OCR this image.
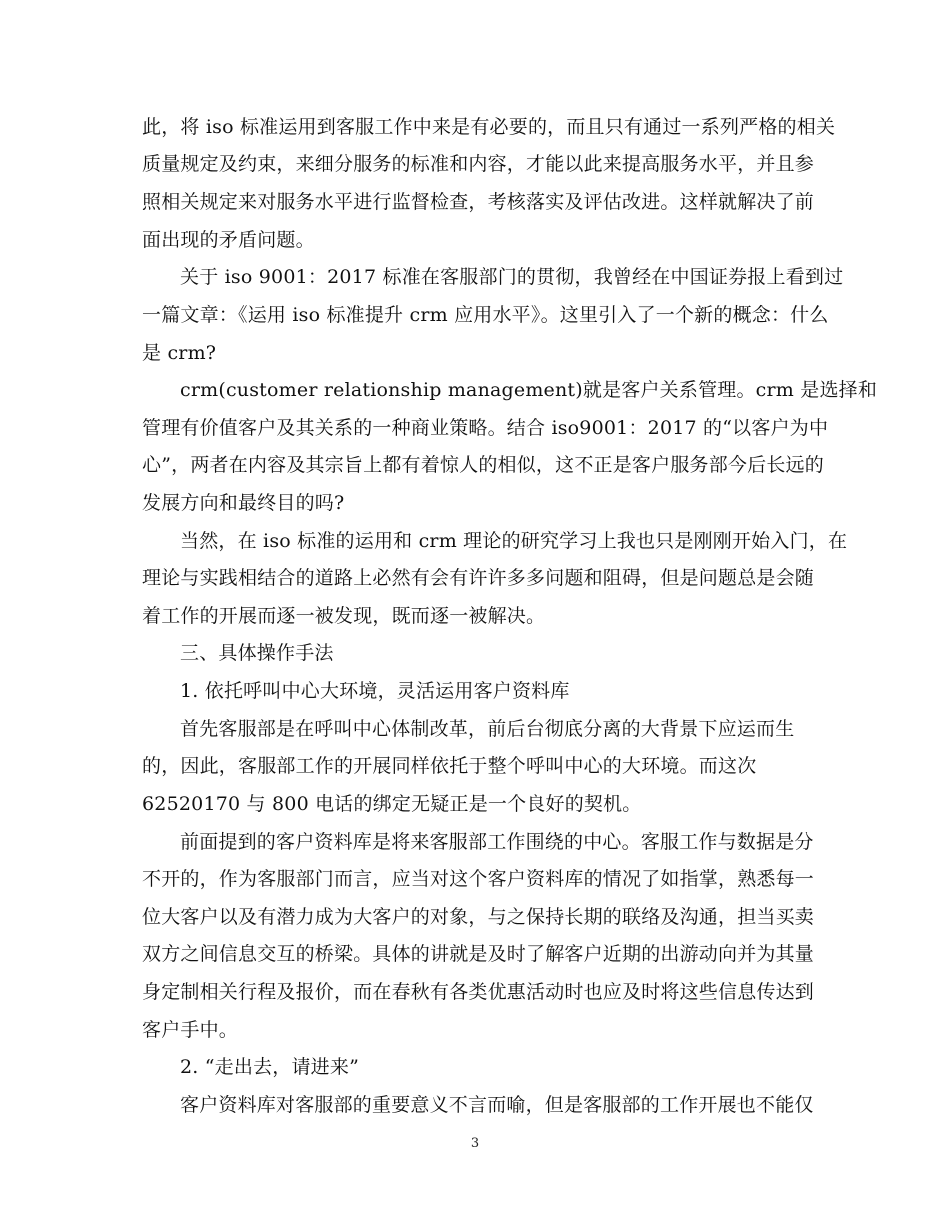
此，将 iso 标准运用到客服工作中来是有必要的，而且只有通过一系列严格的相关
质量规定及约束，来细分服务的标准和内容，才能以此来提高服务水平，并且参
照相关规定来对服务水平进行监督检查，考核落实及评估改进。这样就解决了前
面出现的矛盾问题。
关于 iso 9001：2017 标准在客服部门的贯彻，我曾经在中国证券报上看到过
一篇文章：《运用 iso 标准提升 crm 应用水平》。这里引入了一个新的概念：什么
是 crm?
crm(customer relationship management)就是客户关系管理。crm 是选择和
管理有价值客户及其关系的一种商业策略。结合 iso9001：2017 的“以客户为中
心”，两者在内容及其宗旨上都有着惊人的相似，这不正是客户服务部今后长远的
发展方向和最终目的吗?
当然，在 iso 标准的运用和 crm 理论的研究学习上我也只是刚刚开始入门，在
理论与实践相结合的道路上必然有会有许许多多问题和阻碍，但是问题总是会随
着工作的开展而逐一被发现，既而逐一被解决。
三、具体操作手法
1. 依托呼叫中心大环境，灵活运用客户资料库
首先客服部是在呼叫中心体制改革，前后台彻底分离的大背景下应运而生
的，因此，客服部工作的开展同样依托于整个呼叫中心的大环境。而这次
62520170 与 800 电话的绑定无疑正是一个良好的契机。
前面提到的客户资料库是将来客服部工作围绕的中心。客服工作与数据是分
不开的，作为客服部门而言，应当对这个客户资料库的情况了如指掌，熟悉每一
位大客户以及有潜力成为大客户的对象，与之保持长期的联络及沟通，担当买卖
双方之间信息交互的桥梁。具体的讲就是及时了解客户近期的出游动向并为其量
身定制相关行程及报价，而在春秋有各类优惠活动时也应及时将这些信息传达到
客户手中。
2. “走出去，请进来”
客户资料库对客服部的重要意义不言而喻，但是客服部的工作开展也不能仅
3
